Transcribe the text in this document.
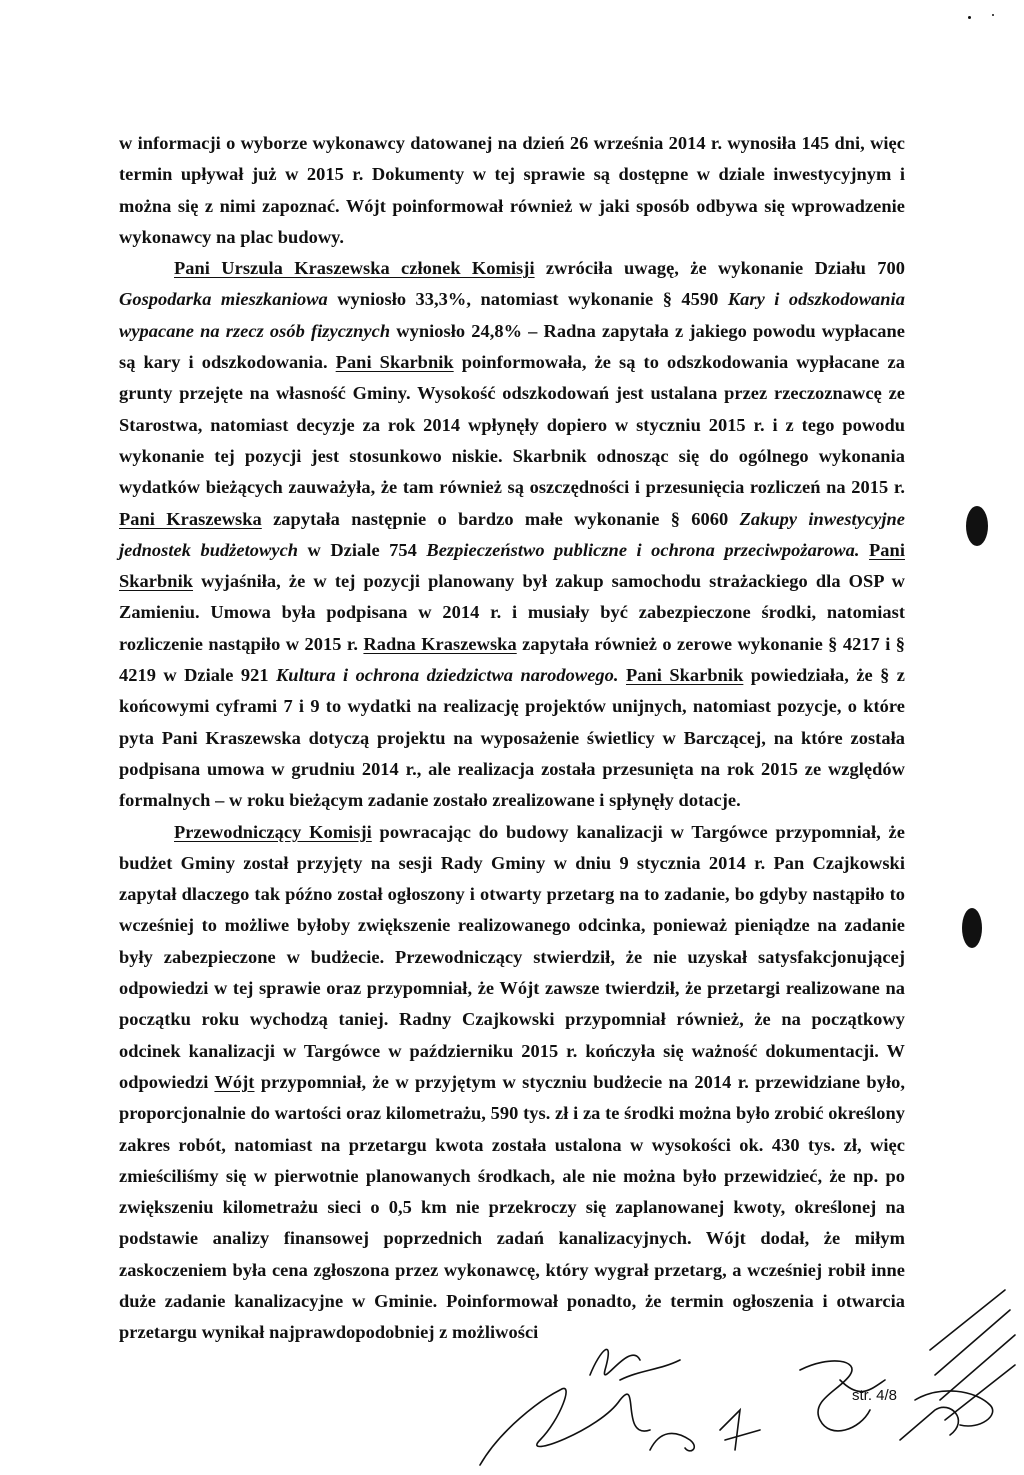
w informacji o wyborze wykonawcy datowanej na dzień 26 września 2014 r. wynosiła 145 dni, więc termin upływał już w 2015 r. Dokumenty w tej sprawie są dostępne w dziale inwestycyjnym i można się z nimi zapoznać. Wójt poinformował również w jaki sposób odbywa się wprowadzenie wykonawcy na plac budowy.

Pani Urszula Kraszewska członek Komisji zwróciła uwagę, że wykonanie Działu 700 Gospodarka mieszkaniowa wyniosło 33,3%, natomiast wykonanie § 4590 Kary i odszkodowania wypacane na rzecz osób fizycznych wyniosło 24,8% – Radna zapytała z jakiego powodu wypłacane są kary i odszkodowania. Pani Skarbnik poinformowała, że są to odszkodowania wypłacane za grunty przejęte na własność Gminy. Wysokość odszkodowań jest ustalana przez rzeczoznawcę ze Starostwa, natomiast decyzje za rok 2014 wpłynęły dopiero w styczniu 2015 r. i z tego powodu wykonanie tej pozycji jest stosunkowo niskie. Skarbnik odnosząc się do ogólnego wykonania wydatków bieżących zauważyła, że tam również są oszczędności i przesunięcia rozliczeń na 2015 r. Pani Kraszewska zapytała następnie o bardzo małe wykonanie § 6060 Zakupy inwestycyjne jednostek budżetowych w Dziale 754 Bezpieczeństwo publiczne i ochrona przeciwpożarowa. Pani Skarbnik wyjaśniła, że w tej pozycji planowany był zakup samochodu strażackiego dla OSP w Zamieniu. Umowa była podpisana w 2014 r. i musiały być zabezpieczone środki, natomiast rozliczenie nastąpiło w 2015 r. Radna Kraszewska zapytała również o zerowe wykonanie § 4217 i § 4219 w Dziale 921 Kultura i ochrona dziedzictwa narodowego. Pani Skarbnik powiedziała, że § z końcowymi cyframi 7 i 9 to wydatki na realizację projektów unijnych, natomiast pozycje, o które pyta Pani Kraszewska dotyczą projektu na wyposażenie świetlicy w Barczącej, na które została podpisana umowa w grudniu 2014 r., ale realizacja została przesunięta na rok 2015 ze względów formalnych – w roku bieżącym zadanie zostało zrealizowane i spłynęły dotacje.

Przewodniczący Komisji powracając do budowy kanalizacji w Targówce przypomniał, że budżet Gminy został przyjęty na sesji Rady Gminy w dniu 9 stycznia 2014 r. Pan Czajkowski zapytał dlaczego tak późno został ogłoszony i otwarty przetarg na to zadanie, bo gdyby nastąpiło to wcześniej to możliwe byłoby zwiększenie realizowanego odcinka, ponieważ pieniądze na zadanie były zabezpieczone w budżecie. Przewodniczący stwierdził, że nie uzyskał satysfakcjonującej odpowiedzi w tej sprawie oraz przypomniał, że Wójt zawsze twierdził, że przetargi realizowane na początku roku wychodzą taniej. Radny Czajkowski przypomniał również, że na początkowy odcinek kanalizacji w Targówce w październiku 2015 r. kończyła się ważność dokumentacji. W odpowiedzi Wójt przypomniał, że w przyjętym w styczniu budżecie na 2014 r. przewidziane było, proporcjonalnie do wartości oraz kilometrażu, 590 tys. zł i za te środki można było zrobić określony zakres robót, natomiast na przetargu kwota została ustalona w wysokości ok. 430 tys. zł, więc zmieściliśmy się w pierwotnie planowanych środkach, ale nie można było przewidzieć, że np. po zwiększeniu kilometrażu sieci o 0,5 km nie przekroczy się zaplanowanej kwoty, określonej na podstawie analizy finansowej poprzednich zadań kanalizacyjnych. Wójt dodał, że miłym zaskoczeniem była cena zgłoszona przez wykonawcę, który wygrał przetarg, a wcześniej robił inne duże zadanie kanalizacyjne w Gminie. Poinformował ponadto, że termin ogłoszenia i otwarcia przetargu wynikał najprawdopodobniej z możliwości

str. 4/8
